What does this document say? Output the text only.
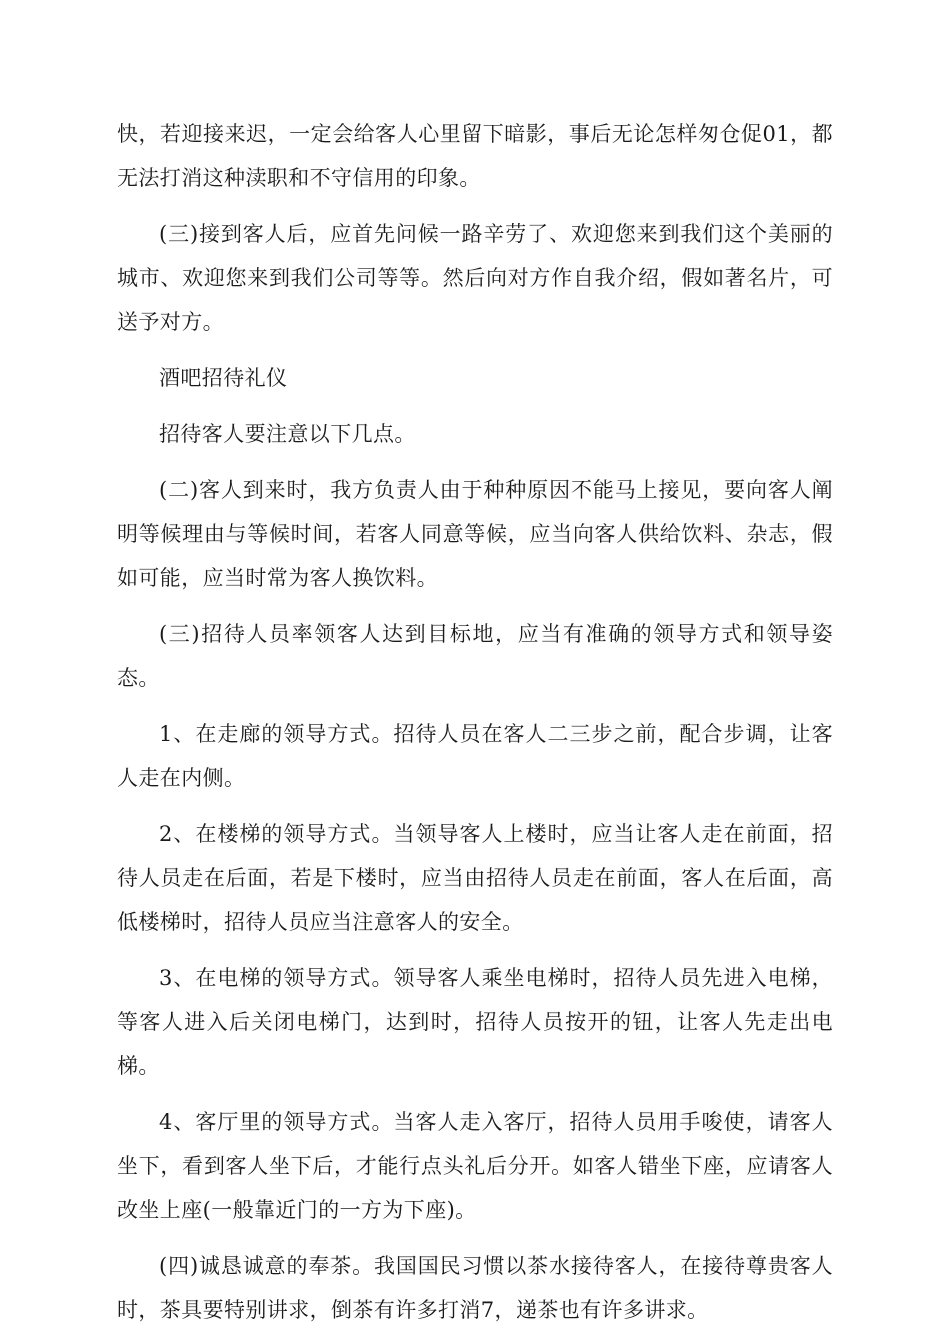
快，若迎接来迟，一定会给客人心里留下暗影，事后无论怎样匆仓促01，都无法打消这种渎职和不守信用的印象。

(三)接到客人后，应首先问候一路辛劳了、欢迎您来到我们这个美丽的城市、欢迎您来到我们公司等等。然后向对方作自我介绍，假如著名片，可送予对方。

酒吧招待礼仪

招待客人要注意以下几点。

(二)客人到来时，我方负责人由于种种原因不能马上接见，要向客人阐明等候理由与等候时间，若客人同意等候，应当向客人供给饮料、杂志，假如可能，应当时常为客人换饮料。

(三)招待人员率领客人达到目标地，应当有准确的领导方式和领导姿态。

1、在走廊的领导方式。招待人员在客人二三步之前，配合步调，让客人走在内侧。

2、在楼梯的领导方式。当领导客人上楼时，应当让客人走在前面，招待人员走在后面，若是下楼时，应当由招待人员走在前面，客人在后面，高低楼梯时，招待人员应当注意客人的安全。

3、在电梯的领导方式。领导客人乘坐电梯时，招待人员先进入电梯，等客人进入后关闭电梯门，达到时，招待人员按开的钮，让客人先走出电梯。

4、客厅里的领导方式。当客人走入客厅，招待人员用手唆使，请客人坐下，看到客人坐下后，才能行点头礼后分开。如客人错坐下座，应请客人改坐上座(一般靠近门的一方为下座)。

(四)诚恳诚意的奉茶。我国国民习惯以茶水接待客人，在接待尊贵客人时，茶具要特别讲求，倒茶有许多打消7，递茶也有许多讲求。
